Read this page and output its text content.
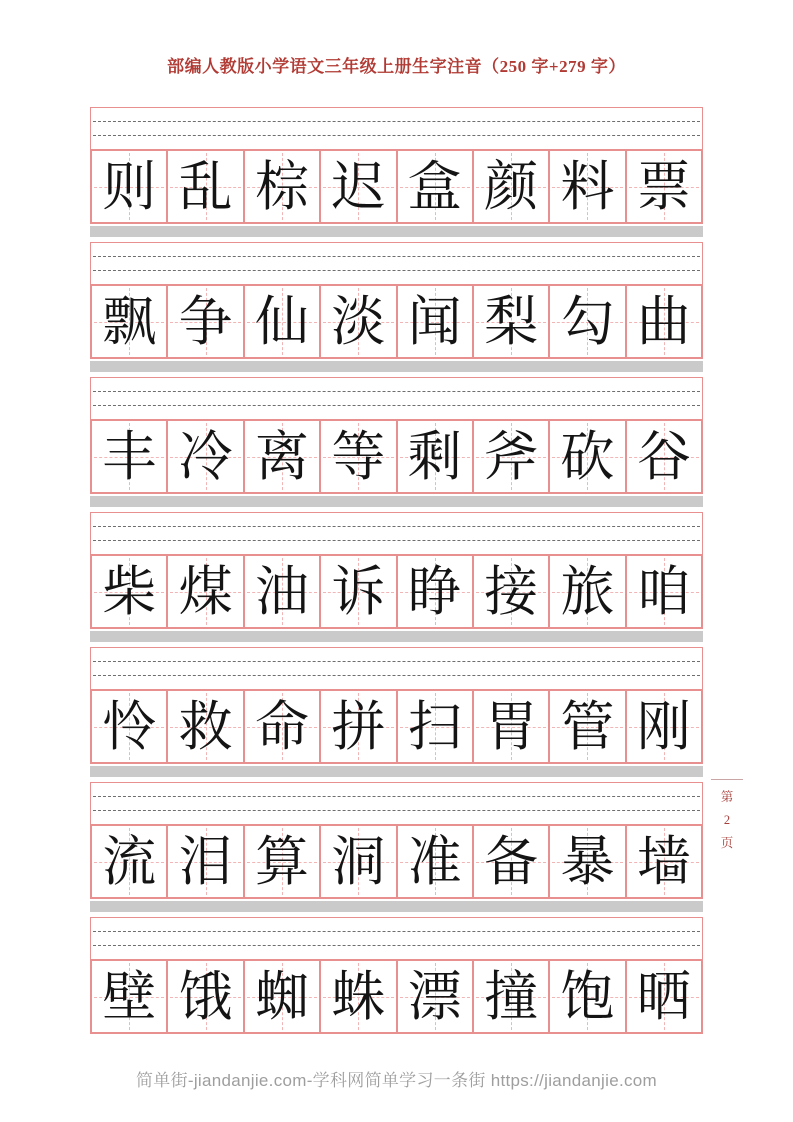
部编人教版小学语文三年级上册生字注音（250 字+279 字）
则 乱 棕 迟 盒 颜 料 票
飘 争 仙 淡 闻 梨 勾 曲
丰 冷 离 等 剩 斧 砍 谷
柴 煤 油 诉 睁 接 旅 咱
怜 救 命 拼 扫 胃 管 刚
流 泪 算 洞 准 备 暴 墙
壁 饿 蜘 蛛 漂 撞 饱 晒
第
2
页
简单街-jiandanjie.com-学科网简单学习一条街 https://jiandanjie.com
